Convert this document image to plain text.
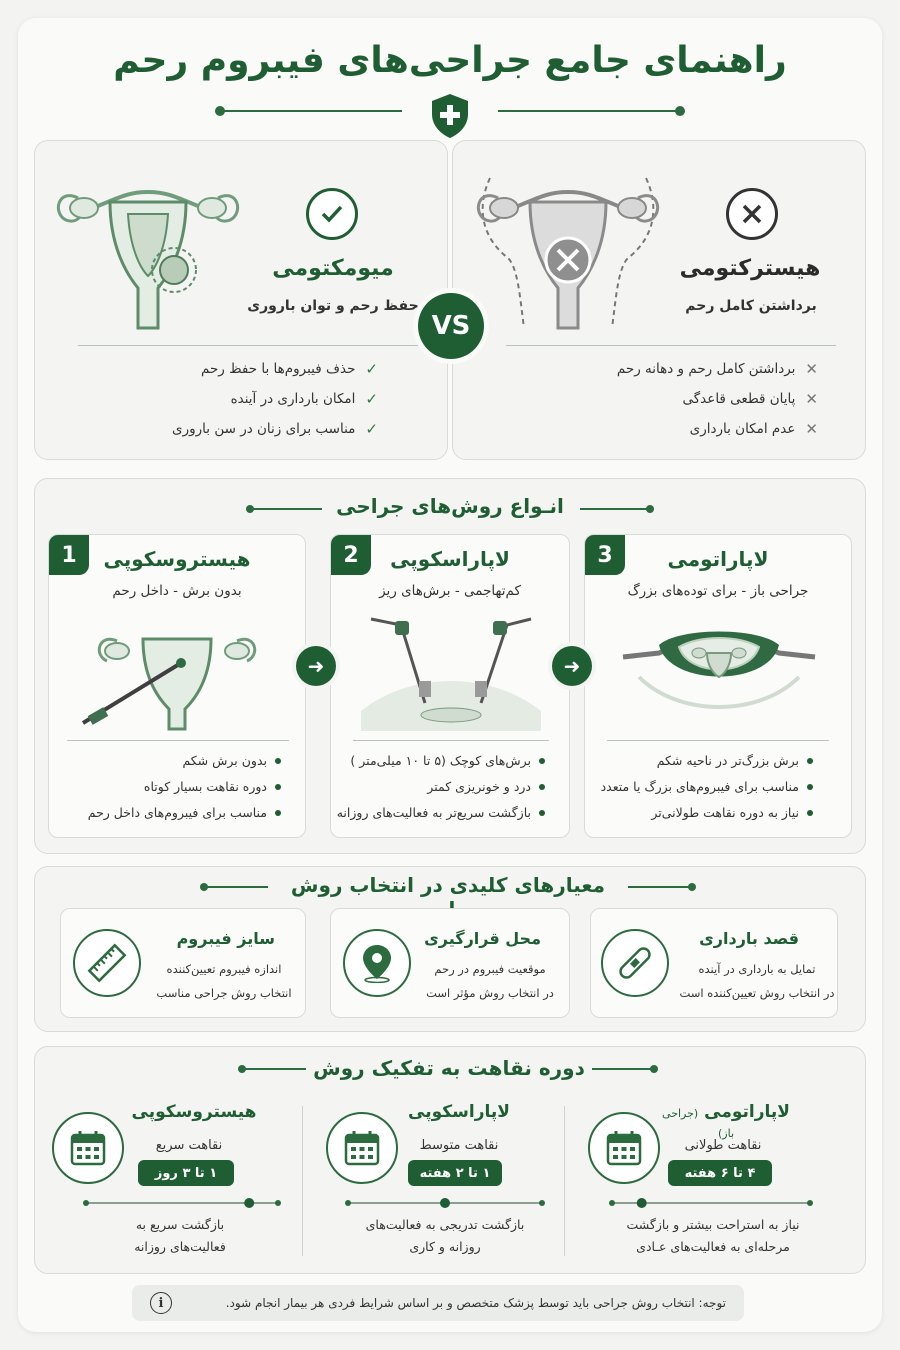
راهنمای جامع جراحی‌های فیبروم رحم
میومکتومی
حفظ رحم و توان باروری
✓
حذف فیبروم‌ها با حفظ رحم
✓
امکان بارداری در آینده
✓
مناسب برای زنان در سن باروری
هیسترکتومی
برداشتن کامل رحم
✕
برداشتن کامل رحم و دهانه رحم
✕
پایان قطعی قاعدگی
✕
عدم امکان بارداری
VS
انـواع روش‌های جراحی
3	لاپاراتومی
جراحی باز - برای توده‌های بزرگ
برش بزرگ‌تر در ناحیه شکم
مناسب برای فیبروم‌های بزرگ یا متعدد
نیاز به دوره نقاهت طولانی‌تر
2	لاپاراسکوپی
کم‌تهاجمی - برش‌های ریز
برش‌های کوچک (۵ تا ۱۰ میلی‌متر )
درد و خونریزی کمتر
بازگشت سریع‌تر به فعالیت‌های روزانه
1	هیستروسکوپی
بدون برش - داخل رحم
بدون برش شکم
دوره نقاهت بسیار کوتاه
مناسب برای فیبروم‌های داخل رحم
➜
➜
معیارهای کلیدی در انتخاب روش
قصد بارداری
تمایل به بارداری در آینده
در انتخاب روش تعیین‌کننده است
محل قرارگیری
موقعیت فیبروم در رحم
در انتخاب روش مؤثر است
سایز فیبروم
اندازه فیبروم تعیین‌کننده
انتخاب روش جراحی مناسب
دوره نقاهت به تفکیک روش
لاپاراتومی (جراحی باز)
نقاهت طولانی
۴ تا ۶ هفته
نیاز به استراحت بیشتر و بازگشت
مرحله‌ای به فعالیت‌های عـادی
لاپاراسکوپی
نقاهت متوسط
۱ تا ۲ هفته
بازگشت تدریجی به فعالیت‌های
روزانه و کاری
هیستروسکوپی
نقاهت سریع
۱ تا ۳ روز
بازگشت سریع به
فعالیت‌های روزانه
توجه: انتخاب روش جراحی باید توسط پزشک متخصص و بر اساس شرایط فردی هر بیمار انجام شود.
i
